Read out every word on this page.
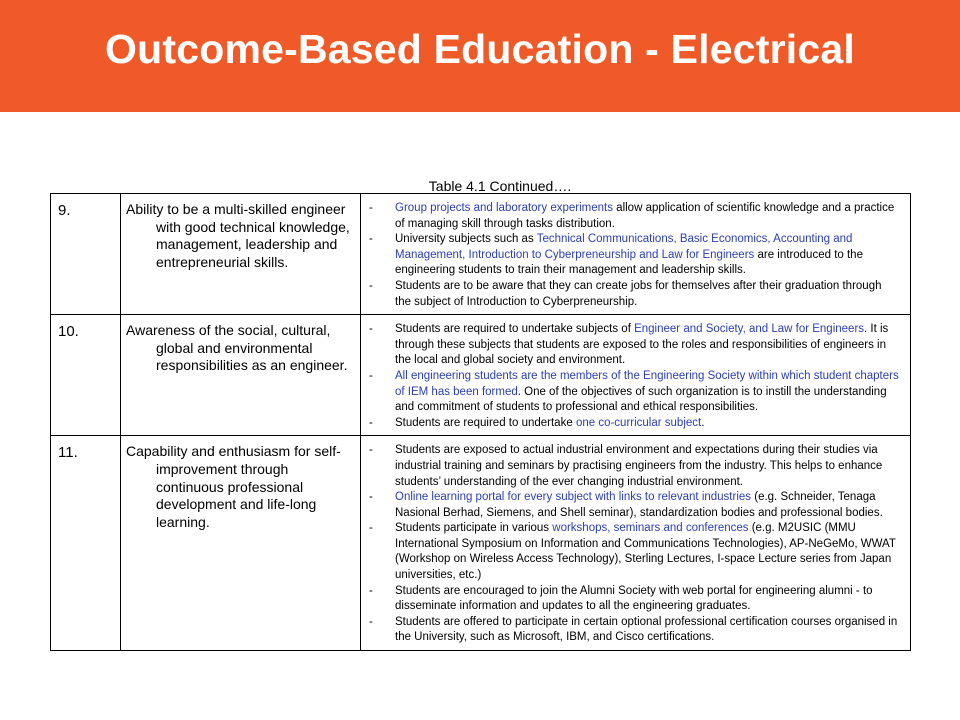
Outcome-Based Education - Electrical
Table 4.1 Continued….
9.	Ability to be a multi-skilled engineer with good technical knowledge, management, leadership and entrepreneurial skills.	- Group projects and laboratory experiments allow application of scientific knowledge and a practice of managing skill through tasks distribution.
- University subjects such as Technical Communications, Basic Economics, Accounting and Management, Introduction to Cyberpreneurship and Law for Engineers are introduced to the engineering students to train their management and leadership skills.
- Students are to be aware that they can create jobs for themselves after their graduation through the subject of Introduction to Cyberpreneurship.

10.	Awareness of the social, cultural, global and environmental responsibilities as an engineer.	- Students are required to undertake subjects of Engineer and Society, and Law for Engineers. It is through these subjects that students are exposed to the roles and responsibilities of engineers in the local and global society and environment.
- All engineering students are the members of the Engineering Society within which student chapters of IEM has been formed. One of the objectives of such organization is to instill the understanding and commitment of students to professional and ethical responsibilities.
- Students are required to undertake one co-curricular subject.

11.	Capability and enthusiasm for self-improvement through continuous professional development and life-long learning.	- Students are exposed to actual industrial environment and expectations during their studies via industrial training and seminars by practising engineers from the industry. This helps to enhance students’ understanding of the ever changing industrial environment.
- Online learning portal for every subject with links to relevant industries (e.g. Schneider, Tenaga Nasional Berhad, Siemens, and Shell seminar), standardization bodies and professional bodies.
- Students participate in various workshops, seminars and conferences (e.g. M2USIC (MMU International Symposium on Information and Communications Technologies), AP-NeGeMo, WWAT (Workshop on Wireless Access Technology), Sterling Lectures, I-space Lecture series from Japan universities, etc.)
- Students are encouraged to join the Alumni Society with web portal for engineering alumni - to disseminate information and updates to all the engineering graduates.
- Students are offered to participate in certain optional professional certification courses organised in the University, such as Microsoft, IBM, and Cisco certifications.
